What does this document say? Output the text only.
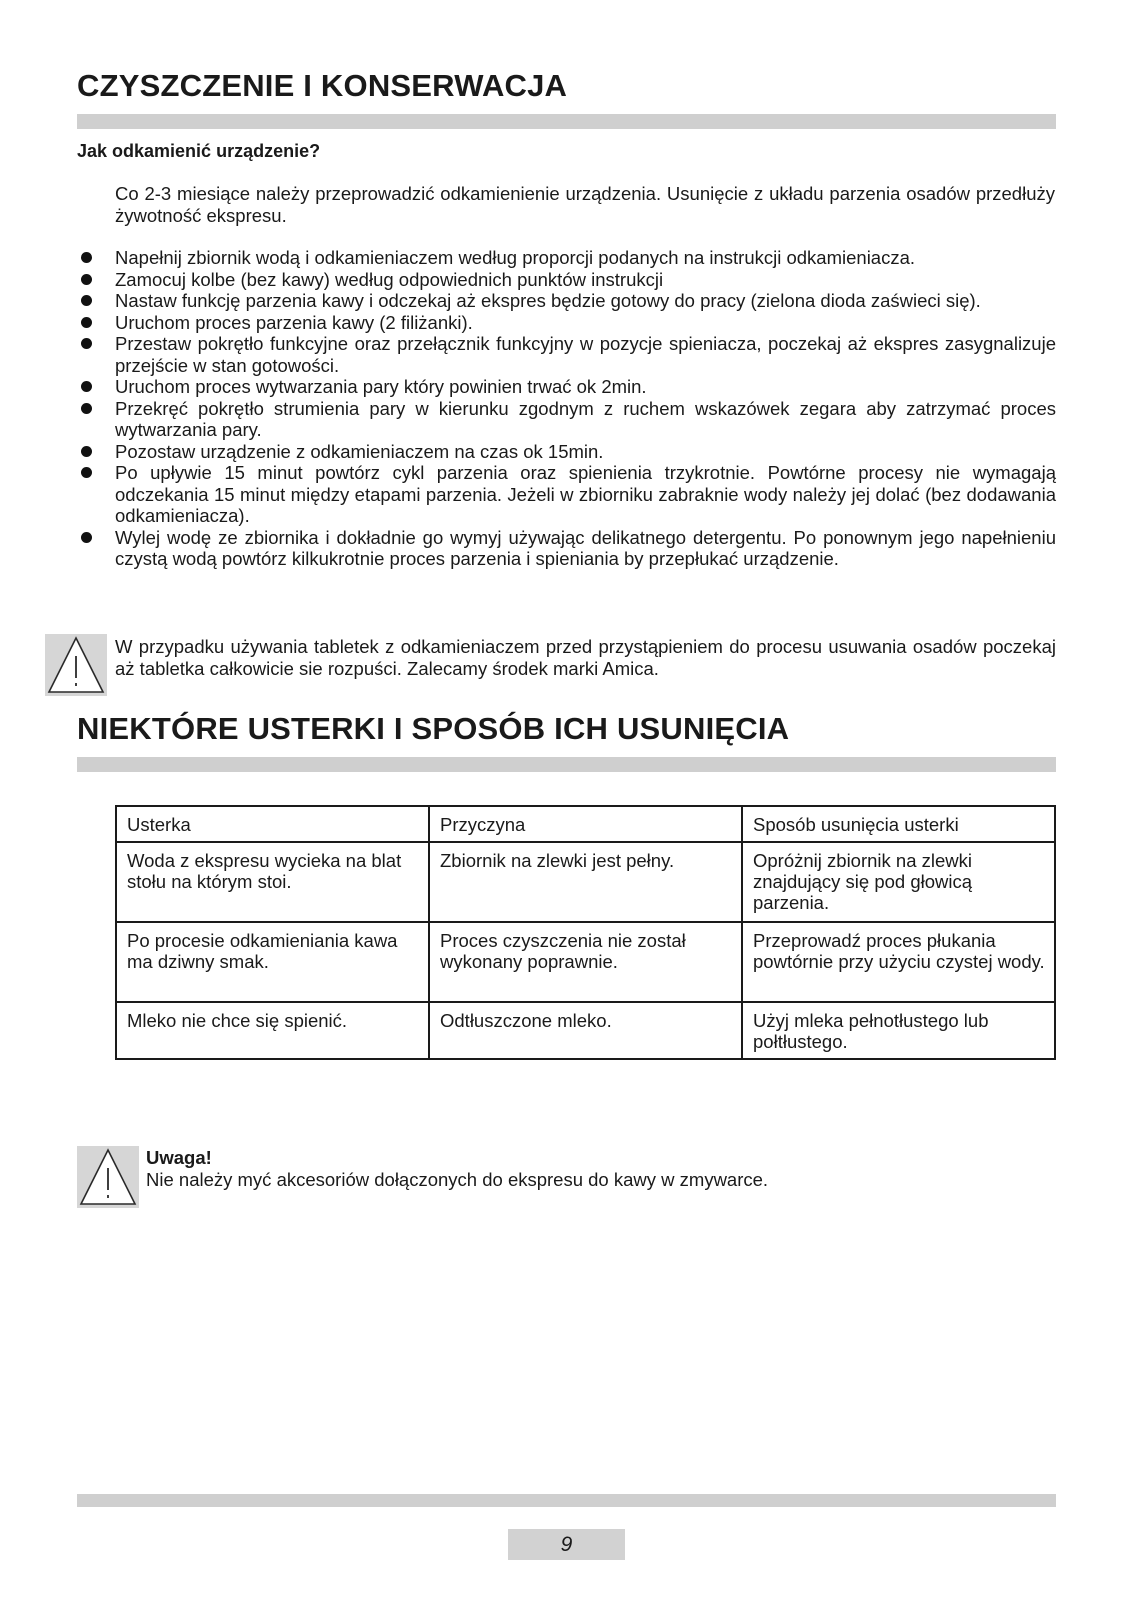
CZYSZCZENIE I KONSERWACJA
Jak odkamienić urządzenie?

Co 2-3 miesiące należy przeprowadzić odkamienienie urządzenia. Usunięcie z układu parzenia osadów przedłuży żywotność ekspresu.

Napełnij zbiornik wodą i odkamieniaczem według proporcji podanych na instrukcji odkamieniacza.
Zamocuj kolbe (bez kawy) według odpowiednich punktów instrukcji
Nastaw funkcję parzenia kawy i odczekaj aż ekspres będzie gotowy do pracy (zielona dioda zaświeci się).
Uruchom proces parzenia kawy (2 filiżanki).
Przestaw pokrętło funkcyjne oraz przełącznik funkcyjny w pozycje spieniacza, poczekaj aż ekspres zasygnalizuje przejście w stan gotowości.
Uruchom proces wytwarzania pary który powinien trwać ok 2min.
Przekręć pokrętło strumienia pary w kierunku zgodnym z ruchem wskazówek zegara aby zatrzymać proces wytwarzania pary.
Pozostaw urządzenie z odkamieniaczem na czas ok 15min.
Po upływie 15 minut powtórz cykl parzenia oraz spienienia trzykrotnie. Powtórne procesy nie wymagają odczekania 15 minut między etapami parzenia. Jeżeli w zbiorniku zabraknie wody należy jej dolać (bez dodawania odkamieniacza).
Wylej wodę ze zbiornika i dokładnie go wymyj używając delikatnego detergentu. Po ponownym jego napełnieniu czystą wodą powtórz kilkukrotnie proces parzenia i spieniania by przepłukać urządzenie.

W przypadku używania tabletek z odkamieniaczem przed przystąpieniem do procesu usuwania osadów poczekaj aż tabletka całkowicie sie rozpuści. Zalecamy środek marki Amica.

NIEKTÓRE USTERKI I SPOSÓB ICH USUNIĘCIA
Usterka	Przyczyna	Sposób usunięcia usterki
Woda z ekspresu wycieka na blat stołu na którym stoi.	Zbiornik na zlewki jest pełny.	Opróżnij zbiornik na zlewki znajdujący się pod głowicą parzenia.
Po procesie odkamieniania kawa ma dziwny smak.	Proces czyszczenia nie został wykonany poprawnie.	Przeprowadź proces płukania powtórnie przy użyciu czystej wody.
Mleko nie chce się spienić.	Odtłuszczone mleko.	Użyj mleka pełnotłustego lub połtłustego.

Uwaga!

Nie należy myć akcesoriów dołączonych do ekspresu do kawy w zmywarce.

9
